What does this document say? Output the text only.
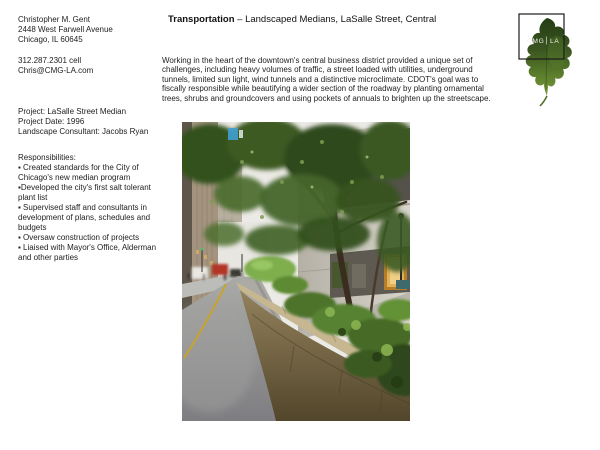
Christopher M. Gent
2448 West Farwell Avenue
Chicago, IL 60645
312.287.2301 cell
Chris@CMG-LA.com
Project: LaSalle Street Median
Project Date: 1996
Landscape Consultant: Jacobs Ryan
Responsibilities:
▪ Created standards for the City of Chicago's new median program
▪Developed the city's first salt tolerant plant list
▪ Supervised staff and consultants in development of plans, schedules and budgets
▪ Oversaw construction of projects
▪ Liaised with Mayor's Office, Alderman and other parties
Transportation – Landscaped Medians, LaSalle Street, Central
Working in the heart of the downtown's central business district provided a unique set of challenges, including heavy volumes of traffic, a street loaded with utilities, underground tunnels, limited sun light, wind tunnels and a distinctive microclimate. CDOT's goal was to fiscally responsible while beautifying a wider section of the roadway by planting ornamental trees, shrubs and groundcovers and using pockets of annuals to brighten up the streetscape.
CMG LA
